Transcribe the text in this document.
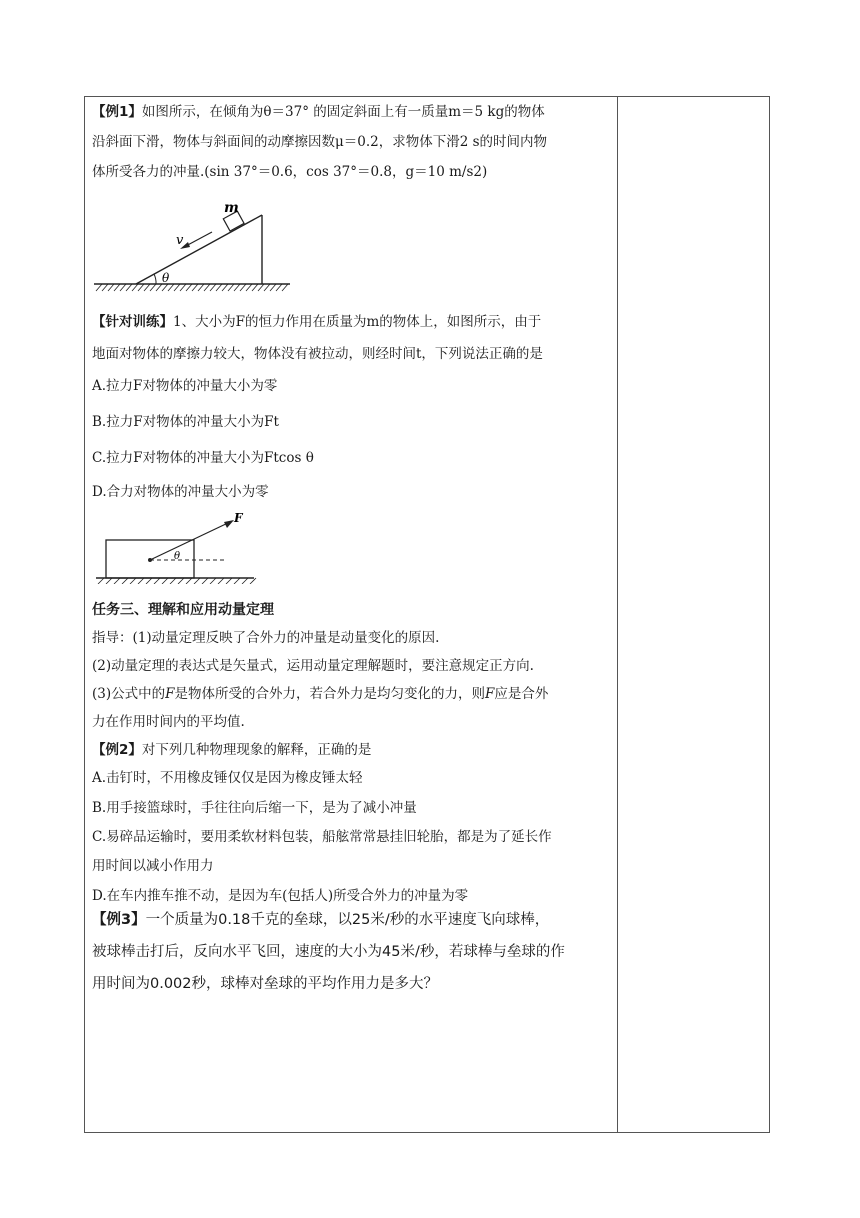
【例1】如图所示，在倾角为θ＝37° 的固定斜面上有一质量m＝5 kg的物体
沿斜面下滑，物体与斜面间的动摩擦因数μ＝0.2，求物体下滑2 s的时间内物
体所受各力的冲量.(sin 37°＝0.6，cos 37°＝0.8，g＝10 m/s2)
m
v
θ
【针对训练】1、大小为F的恒力作用在质量为m的物体上，如图所示，由于
地面对物体的摩擦力较大，物体没有被拉动，则经时间t，下列说法正确的是
A.拉力F对物体的冲量大小为零
B.拉力F对物体的冲量大小为Ft
C.拉力F对物体的冲量大小为Ftcos θ
D.合力对物体的冲量大小为零
F
θ
任务三、理解和应用动量定理
指导：(1)动量定理反映了合外力的冲量是动量变化的原因.
(2)动量定理的表达式是矢量式，运用动量定理解题时，要注意规定正方向.
(3)公式中的F是物体所受的合外力，若合外力是均匀变化的力，则F应是合外
力在作用时间内的平均值.
【例2】对下列几种物理现象的解释，正确的是
A.击钉时，不用橡皮锤仅仅是因为橡皮锤太轻
B.用手接篮球时，手往往向后缩一下，是为了减小冲量
C.易碎品运输时，要用柔软材料包装，船舷常常悬挂旧轮胎，都是为了延长作
用时间以减小作用力
D.在车内推车推不动，是因为车(包括人)所受合外力的冲量为零
【例3】一个质量为0.18千克的垒球，以25米/秒的水平速度飞向球棒，
被球棒击打后，反向水平飞回，速度的大小为45米/秒，若球棒与垒球的作
用时间为0.002秒，球棒对垒球的平均作用力是多大？
